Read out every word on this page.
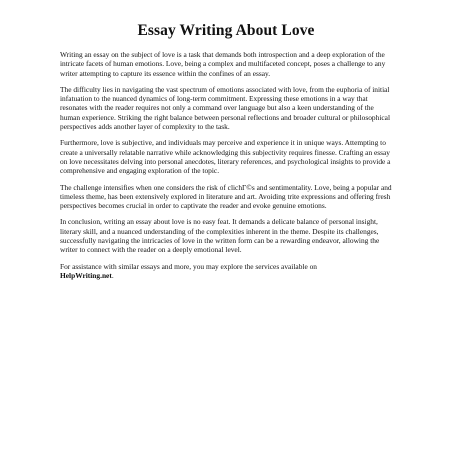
Essay Writing About Love

Writing an essay on the subject of love is a task that demands both introspection and a deep exploration of the intricate facets of human emotions. Love, being a complex and multifaceted concept, poses a challenge to any writer attempting to capture its essence within the confines of an essay.

The difficulty lies in navigating the vast spectrum of emotions associated with love, from the euphoria of initial infatuation to the nuanced dynamics of long-term commitment. Expressing these emotions in a way that resonates with the reader requires not only a command over language but also a keen understanding of the human experience. Striking the right balance between personal reflections and broader cultural or philosophical perspectives adds another layer of complexity to the task.

Furthermore, love is subjective, and individuals may perceive and experience it in unique ways. Attempting to create a universally relatable narrative while acknowledging this subjectivity requires finesse. Crafting an essay on love necessitates delving into personal anecdotes, literary references, and psychological insights to provide a comprehensive and engaging exploration of the topic.

The challenge intensifies when one considers the risk of clichΓ©s and sentimentality. Love, being a popular and timeless theme, has been extensively explored in literature and art. Avoiding trite expressions and offering fresh perspectives becomes crucial in order to captivate the reader and evoke genuine emotions.

In conclusion, writing an essay about love is no easy feat. It demands a delicate balance of personal insight, literary skill, and a nuanced understanding of the complexities inherent in the theme. Despite its challenges, successfully navigating the intricacies of love in the written form can be a rewarding endeavor, allowing the writer to connect with the reader on a deeply emotional level.

For assistance with similar essays and more, you may explore the services available on
HelpWriting.net.
